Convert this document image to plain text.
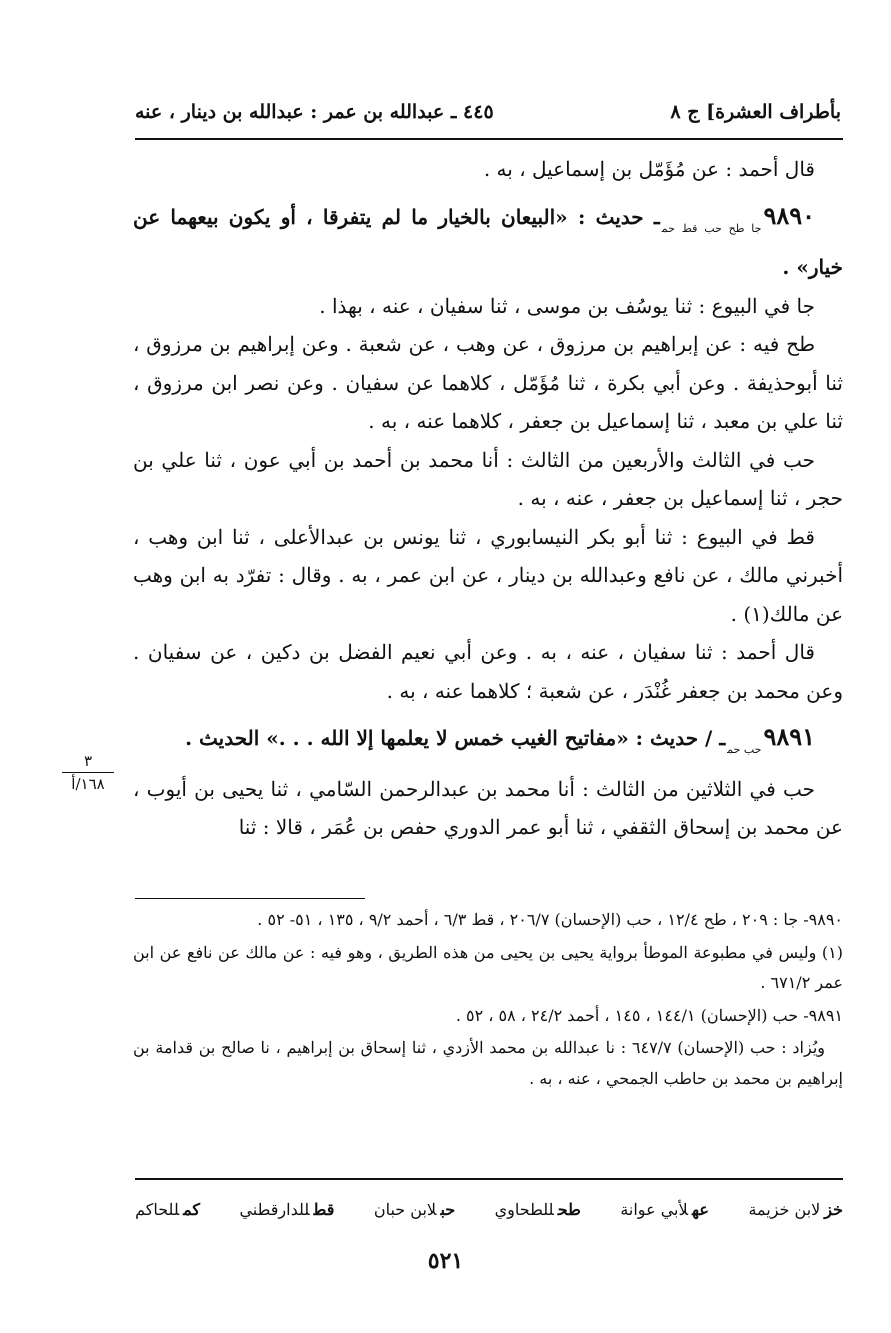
بأطراف العشرة] ج ٨
٤٤٥ ـ عبدالله بن عمر : عبدالله بن دينار ، عنه

قال أحمد : عن مُؤَمّل بن إسماعيل ، به .

$٩٨٩٠_{جا طح حب قط حم}ـ$ حديث : «البيعان بالخيار ما لم يتفرقا ، أو يكون بيعهما عن خيار» .

جا في البيوع : ثنا يوسُف بن موسى ، ثنا سفيان ، عنه ، بهذا .

طح فيه : عن إبراهيم بن مرزوق ، عن وهب ، عن شعبة . وعن إبراهيم بن مرزوق ، ثنا أبوحذيفة . وعن أبي بكرة ، ثنا مُؤَمّل ، كلاهما عن سفيان . وعن نصر ابن مرزوق ، ثنا علي بن معبد ، ثنا إسماعيل بن جعفر ، كلاهما عنه ، به .

حب في الثالث والأربعين من الثالث : أنا محمد بن أحمد بن أبي عون ، ثنا علي بن حجر ، ثنا إسماعيل بن جعفر ، عنه ، به .

قط في البيوع : ثنا أبو بكر النيسابوري ، ثنا يونس بن عبدالأعلى ، ثنا ابن وهب ، أخبرني مالك ، عن نافع وعبدالله بن دينار ، عن ابن عمر ، به . وقال : تفرّد به ابن وهب عن مالك(١) .

قال أحمد : ثنا سفيان ، عنه ، به . وعن أبي نعيم الفضل بن دكين ، عن سفيان . وعن محمد بن جعفر غُنْدَر ، عن شعبة ؛ كلاهما عنه ، به .

$٩٨٩١_{حب حم}ـ$ / حديث : «مفاتيح الغيب خمس لا يعلمها إلا الله . . .» الحديث .

حب في الثلاثين من الثالث : أنا محمد بن عبدالرحمن السّامي ، ثنا يحيى بن أيوب ، عن محمد بن إسحاق الثقفي ، ثنا أبو عمر الدوري حفص بن عُمَر ، قالا : ثنا

٣
١٦٨/أ

٩٨٩٠- جا : ٢٠٩ ، طح ١٢/٤ ، حب (الإحسان) ٢٠٦/٧ ، قط ٦/٣ ، أحمد ٩/٢ ، ١٣٥ ، ٥١- ٥٢ .

(١) وليس في مطبوعة الموطأ برواية يحيى بن يحيى من هذه الطريق ، وهو فيه : عن مالك عن نافع عن ابن عمر ٦٧١/٢ .

٩٨٩١- حب (الإحسان) ١٤٤/١ ، ١٤٥ ، أحمد ٢٤/٢ ، ٥٨ ، ٥٢ .

ويُزاد : حب (الإحسان) ٦٤٧/٧ : نا عبدالله بن محمد الأزدي ، ثنا إسحاق بن إبراهيم ، نا صالح بن قدامة بن إبراهيم بن محمد بن حاطب الجمحي ، عنه ، به .

خزلابن خزيمة
عهلأبي عوانة
طحللطحاوي
حبلابن حبان
قطللدارقطني
كمللحاكم
٥٢١
